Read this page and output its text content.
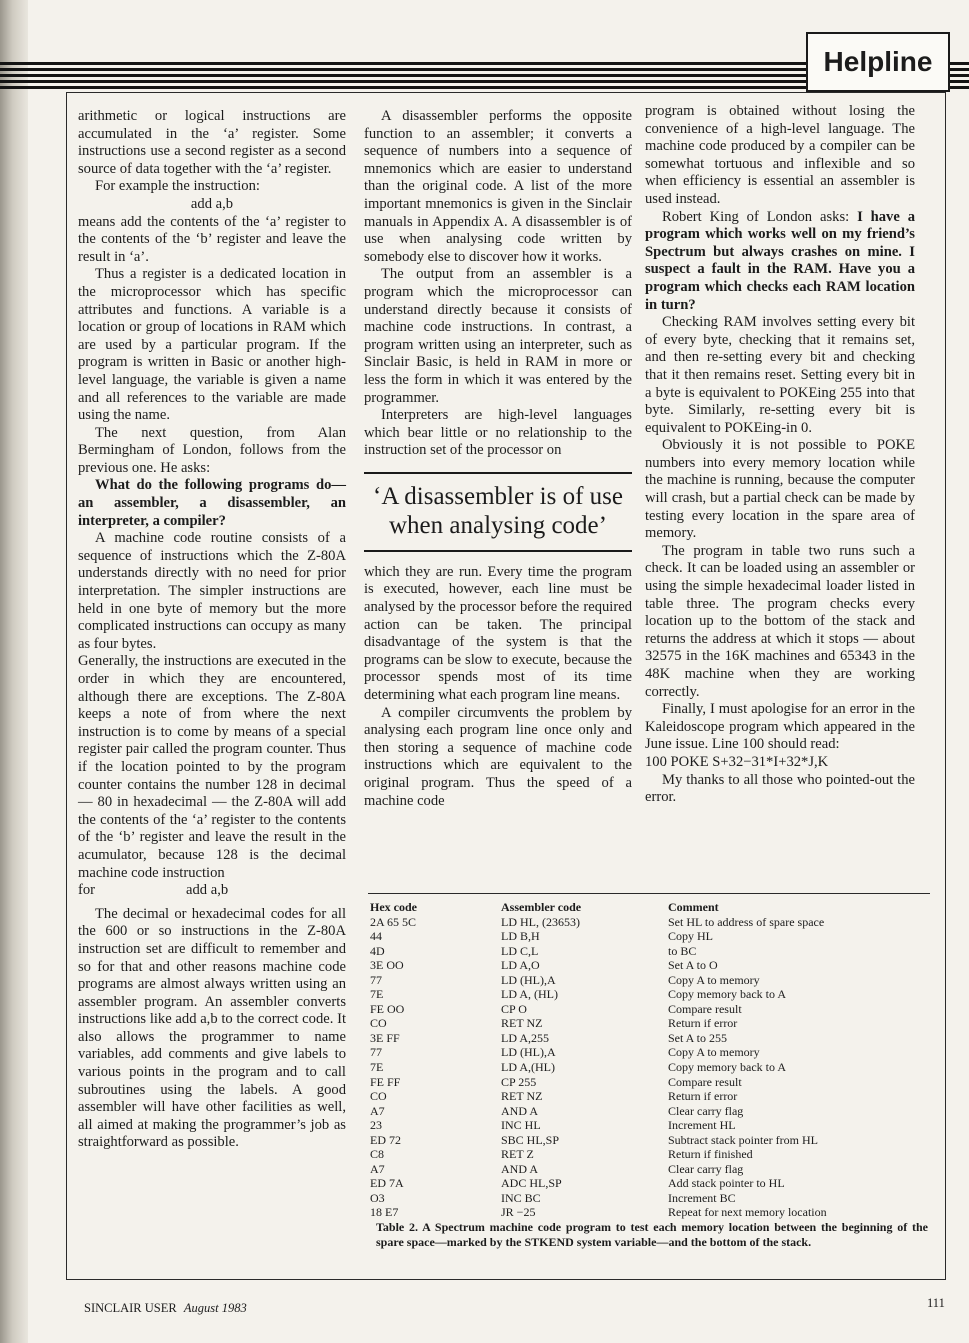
Helpline

arithmetic or logical instructions are accumulated in the ‘a’ register. Some instructions use a second register as a second source of data together with the ‘a’ register.

For example the instruction:

add a,b

means add the contents of the ‘a’ register to the contents of the ‘b’ register and leave the result in ‘a’.

Thus a register is a dedicated location in the microprocessor which has specific attributes and functions. A variable is a location or group of locations in RAM which are used by a particular program. If the program is written in Basic or another high-level language, the variable is given a name and all references to the variable are made using the name.

The next question, from Alan Bermingham of London, follows from the previous one. He asks:

What do the following programs do—an assembler, a disassembler, an interpreter, a compiler?

A machine code routine consists of a sequence of instructions which the Z-80A understands directly with no need for prior interpretation. The simpler instructions are held in one byte of memory but the more complicated instructions can occupy as many as four bytes.

Generally, the instructions are executed in the order in which they are encountered, although there are exceptions. The Z-80A keeps a note of from where the next instruction is to come by means of a special register pair called the program counter. Thus if the location pointed to by the program counter contains the number 128 in decimal — 80 in hexadecimal — the Z-80A will add the contents of the ‘a’ register to the contents of the ‘b’ register and leave the result in the acumulator, because 128 is the decimal machine code instruction

for	add a,b

The decimal or hexadecimal codes for all the 600 or so instructions in the Z-80A instruction set are difficult to remember and so for that and other reasons machine code programs are almost always written using an assembler program. An assembler converts instructions like add a,b to the correct code. It also allows the programmer to name variables, add comments and give labels to various points in the program and to call subroutines using the labels. A good assembler will have other facilities as well, all aimed at making the programmer’s job as straightforward as possible.

A disassembler performs the opposite function to an assembler; it converts a sequence of numbers into a sequence of mnemonics which are easier to understand than the original code. A list of the more important mnemonics is given in the Sinclair manuals in Appendix A. A disassembler is of use when analysing code written by somebody else to discover how it works.

The output from an assembler is a program which the microprocessor can understand directly because it consists of machine code instructions. In contrast, a program written using an interpreter, such as Sinclair Basic, is held in RAM in more or less the form in which it was entered by the programmer.

Interpreters are high-level languages which bear little or no relationship to the instruction set of the processor on

‘A disassembler is of use when analysing code’

which they are run. Every time the program is executed, however, each line must be analysed by the processor before the required action can be taken. The principal disadvantage of the system is that the programs can be slow to execute, because the processor spends most of its time determining what each program line means.

A compiler circumvents the problem by analysing each program line once only and then storing a sequence of machine code instructions which are equivalent to the original program. Thus the speed of a machine code

program is obtained without losing the convenience of a high-level language. The machine code produced by a compiler can be somewhat tortuous and inflexible and so when efficiency is essential an assembler is used instead.

Robert King of London asks: I have a program which works well on my friend’s Spectrum but always crashes on mine. I suspect a fault in the RAM. Have you a program which checks each RAM location in turn?

Checking RAM involves setting every bit of every byte, checking that it remains set, and then re-setting every bit and checking that it then remains reset. Setting every bit in a byte is equivalent to POKEing 255 into that byte. Similarly, re-setting every bit is equivalent to POKEing-in 0.

Obviously it is not possible to POKE numbers into every memory location while the machine is running, because the computer will crash, but a partial check can be made by testing every location in the spare area of memory.

The program in table two runs such a check. It can be loaded using an assembler or using the simple hexadecimal loader listed in table three. The program checks every location up to the bottom of the stack and returns the address at which it stops — about 32575 in the 16K machines and 65343 in the 48K machine when they are working correctly.

Finally, I must apologise for an error in the Kaleidoscope program which appeared in the June issue. Line 100 should read:

100 POKE S+32−31*I+32*J,K

My thanks to all those who pointed-out the error.

Hex code
2A 65 5C
44
4D
3E OO
77
7E
FE OO
CO
3E FF
77
7E
FE FF
CO
A7
23
ED 72
C8
A7
ED 7A
O3
18 E7
Assembler code
LD HL, (23653)
LD B,H
LD C,L
LD A,O
LD (HL),A
LD A, (HL)
CP O
RET NZ
LD A,255
LD (HL),A
LD A,(HL)
CP 255
RET NZ
AND A
INC HL
SBC HL,SP
RET Z
AND A
ADC HL,SP
INC BC
JR −25
Comment
Set HL to address of spare space
Copy HL
to BC
Set A to O
Copy A to memory
Copy memory back to A
Compare result
Return if error
Set A to 255
Copy A to memory
Copy memory back to A
Compare result
Return if error
Clear carry flag
Increment HL
Subtract stack pointer from HL
Return if finished
Clear carry flag
Add stack pointer to HL
Increment BC
Repeat for next memory location
Table 2. A Spectrum machine code program to test each memory location between the beginning of the spare space—marked by the STKEND system variable—and the bottom of the stack.
SINCLAIR USER August 1983	111
